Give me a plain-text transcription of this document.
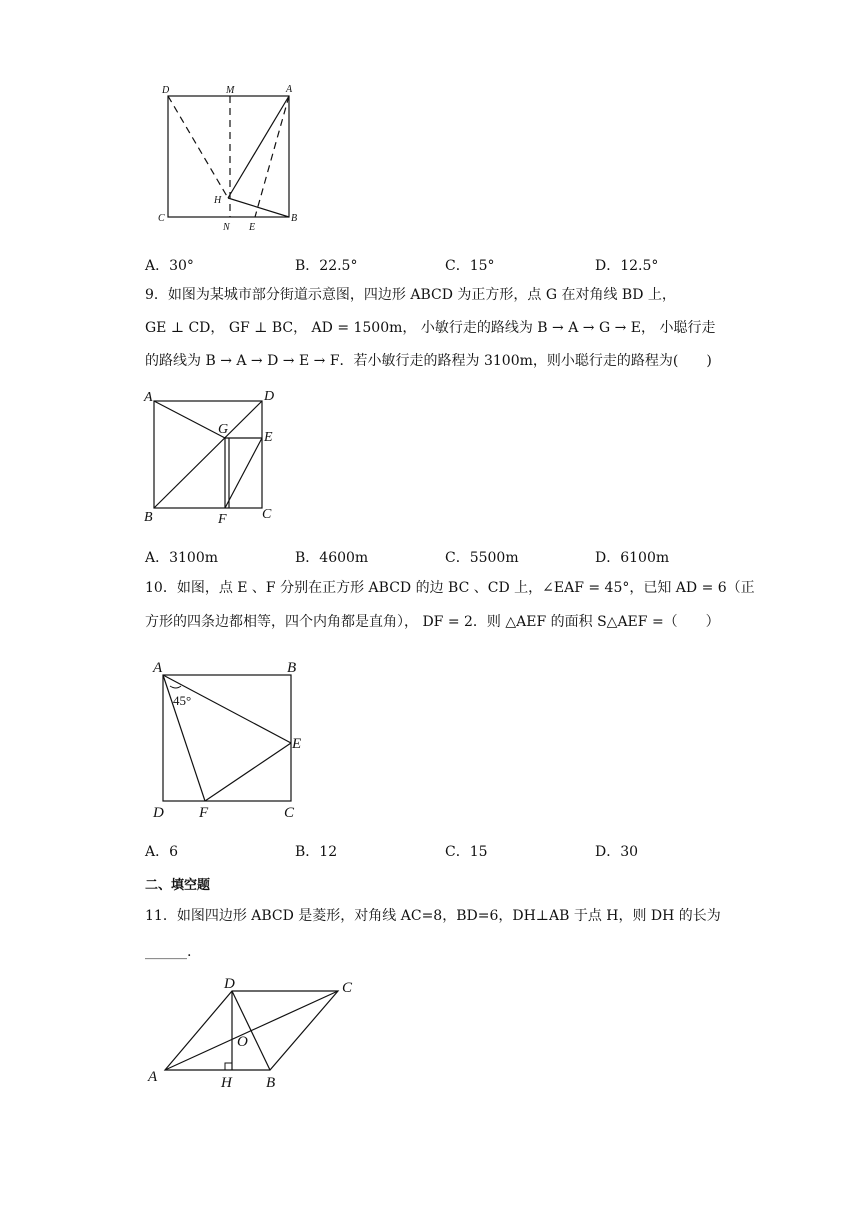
D	M	A
H
C
N E
B
A．30°	B．22.5°	C．15°	D．12.5°
9．如图为某城市部分街道示意图，四边形 ABCD 为正方形，点 G 在对角线 BD 上，
GE ⊥ CD， GF ⊥ BC， AD = 1500m， 小敏行走的路线为 B → A → G → E， 小聪行走
的路线为 B → A → D → E → F．若小敏行走的路程为 3100m，则小聪行走的路程为(　　)
A	D
G
E
B	F	C
A．3100m	B．4600m	C．5500m	D．6100m
10．如图，点 E 、F 分别在正方形 ABCD 的边 BC 、CD 上，∠EAF = 45°，已知 AD = 6（正
方形的四条边都相等，四个内角都是直角）， DF = 2．则 △AEF 的面积 S△AEF =（　　）
A	B
E
D F	C
45°
A．6	B．12	C．15	D．30
二、填空题
11．如图四边形 ABCD 是菱形，对角线 AC=8，BD=6，DH⊥AB 于点 H，则 DH 的长为
______.
D	C
O
A	H B
